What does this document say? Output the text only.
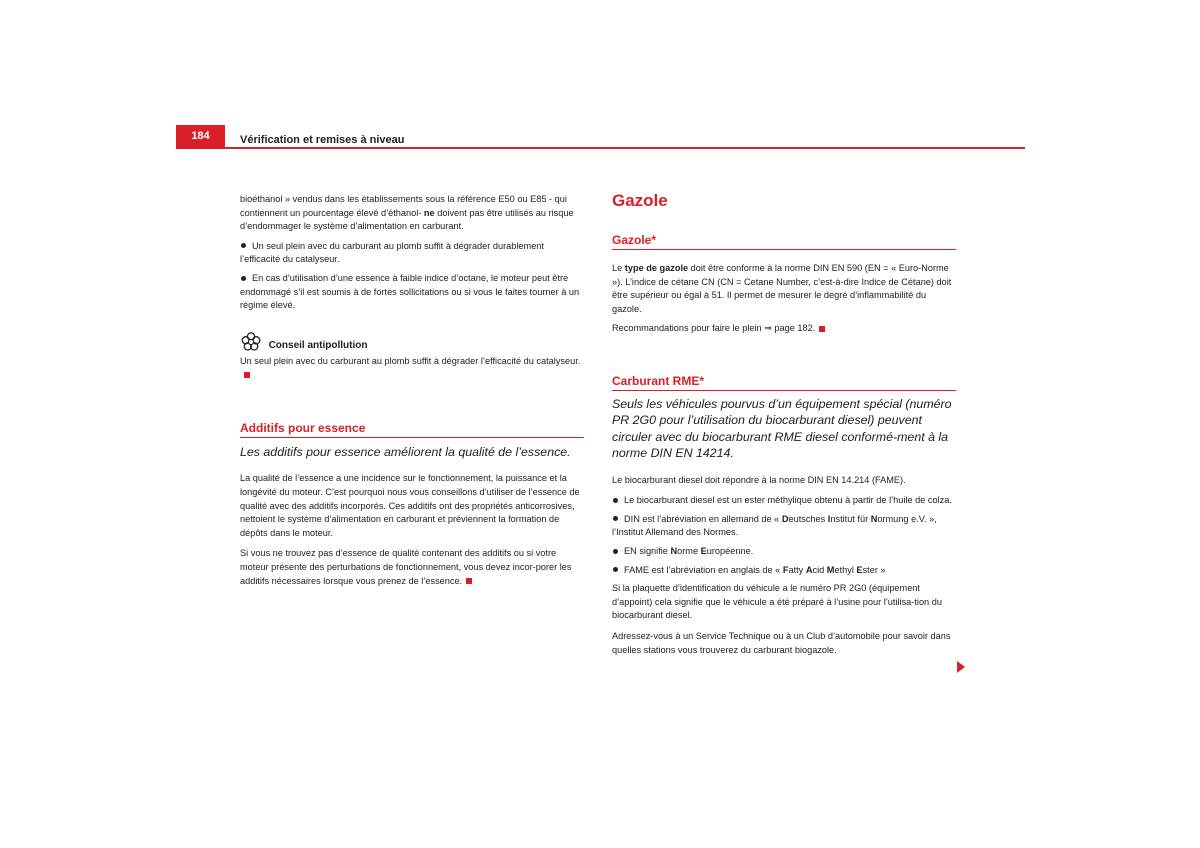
184	Vérification et remises à niveau

bioéthanol » vendus dans les établissements sous la référence E50 ou E85 - qui contiennent un pourcentage élevé d’éthanol- ne doivent pas être utilisés au risque d’endommager le système d’alimentation en carburant.

Un seul plein avec du carburant au plomb suffit à dégrader durablement l’efficacité du catalyseur.

En cas d’utilisation d’une essence à faible indice d’octane, le moteur peut être endommagé s’il est soumis à de fortes sollicitations ou si vous le faites tourner à un régime élevé.

Conseil antipollution

Un seul plein avec du carburant au plomb suffit à dégrader l’efficacité du catalyseur.

Additifs pour essence
Les additifs pour essence améliorent la qualité de l’essence.

La qualité de l’essence a une incidence sur le fonctionnement, la puissance et la longévité du moteur. C’est pourquoi nous vous conseillons d’utiliser de l’essence de qualité avec des additifs incorporés. Ces additifs ont des propriétés anticorrosives, nettoient le système d’alimentation en carburant et préviennent la formation de dépôts dans le moteur.

Si vous ne trouvez pas d’essence de qualité contenant des additifs ou si votre moteur présente des perturbations de fonctionnement, vous devez incor-porer les additifs nécessaires lorsque vous prenez de l’essence.

Gazole
Gazole*

Le type de gazole doit être conforme à la norme DIN EN 590 (EN = « Euro-Norme »). L’indice de cétane CN (CN = Cetane Number, c’est-à-dire Indice de Cétane) doit être supérieur ou égal à 51. Il permet de mesurer le degré d’inflammabilité du gazole.

Recommandations pour faire le plein ⇒ page 182.

Carburant RME*
Seuls les véhicules pourvus d’un équipement spécial (numéro PR 2G0 pour l’utilisation du biocarburant diesel) peuvent circuler avec du biocarburant RME diesel conformé-ment à la norme DIN EN 14214.

Le biocarburant diesel doit répondre à la norme DIN EN 14.214 (FAME).

Le biocarburant diesel est un ester méthylique obtenu à partir de l’huile de colza.

DIN est l’abréviation en allemand de « Deutsches Institut für Normung e.V. », l’Institut Allemand des Normes.

EN signifie Norme Européenne.

FAME est l’abréviation en anglais de « Fatty Acid Methyl Ester »

Si la plaquette d’identification du véhicule a le numéro PR 2G0 (équipement d’appoint) cela signifie que le véhicule a été préparé à l’usine pour l’utilisa-tion du biocarburant diesel.

Adressez-vous à un Service Technique ou à un Club d’automobile pour savoir dans quelles stations vous trouverez du carburant biogazole.
